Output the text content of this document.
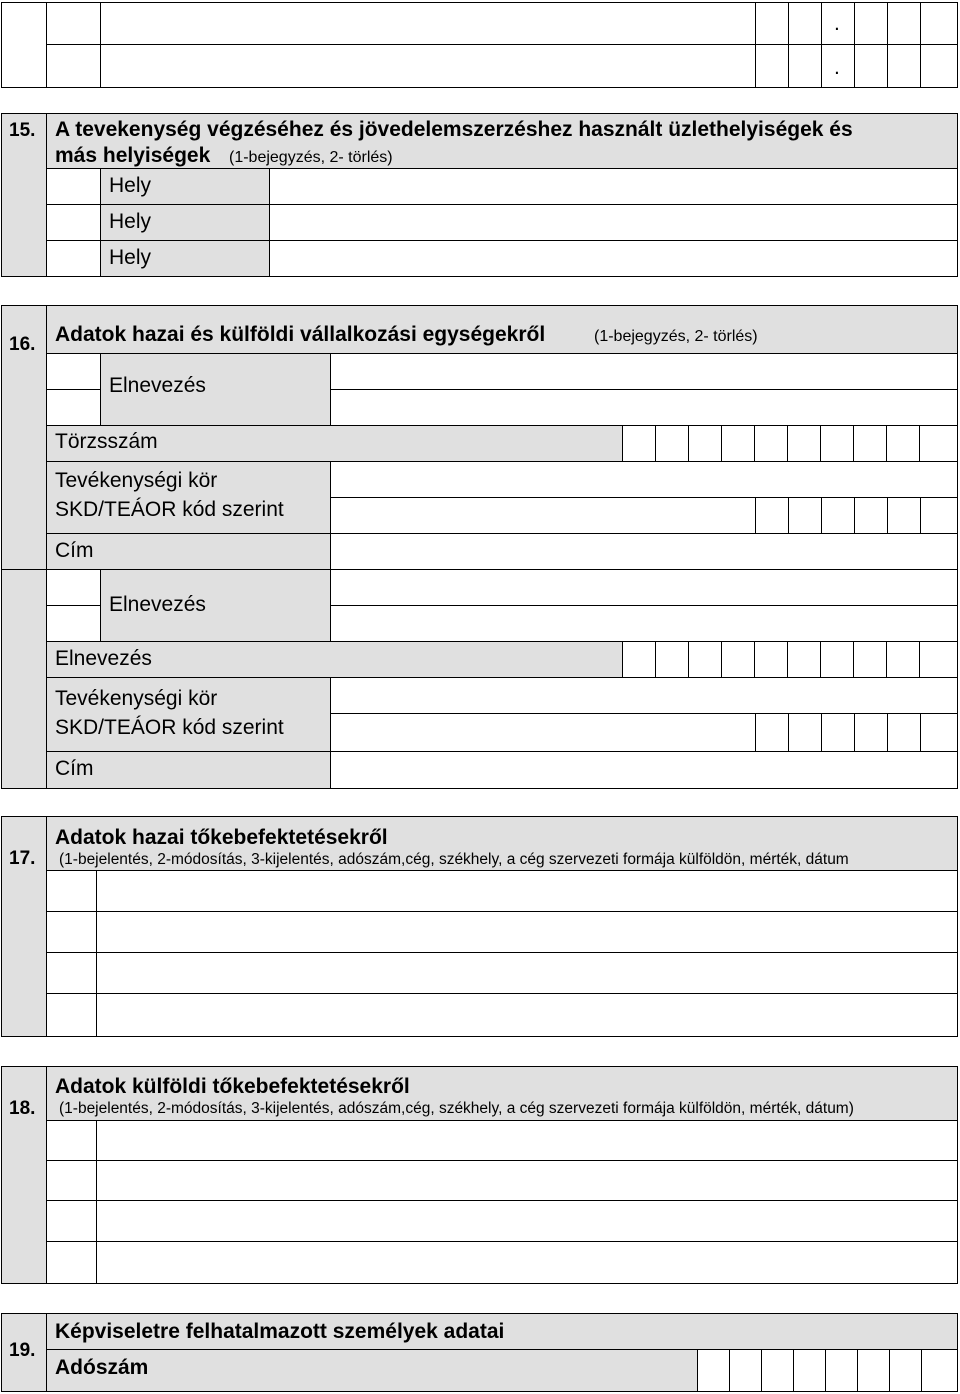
.
.
15. A tevekenység végzéséhez és jövedelemszerzéshez használt üzlethelyiségek és
más helyiségek (1-bejegyzés, 2- törlés)
Hely
Hely
Hely
16. Adatok hazai és külföldi vállalkozási egységekről	(1-bejegyzés, 2- törlés)
Elnevezés
Törzsszám
Tevékenységi kör
SKD/TEÁOR kód szerint
Cím
Elnevezés
Elnevezés
Tevékenységi kör
SKD/TEÁOR kód szerint
Cím
17.
Adatok hazai tőkebefektetésekről
(1-bejelentés, 2-módosítás, 3-kijelentés, adószám,cég, székhely, a cég szervezeti formája külföldön, mérték, dátum
18.
Adatok külföldi tőkebefektetésekről
(1-bejelentés, 2-módosítás, 3-kijelentés, adószám,cég, székhely, a cég szervezeti formája külföldön, mérték, dátum)
19.
Képviseletre felhatalmazott személyek adatai
Adószám
